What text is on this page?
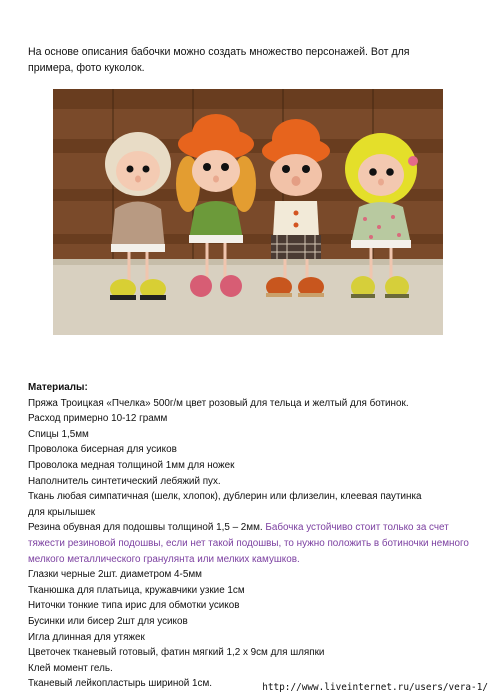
На основе описания бабочки можно создать множество персонажей. Вот для
примера, фото куколок.
Материалы:
Пряжа Троицкая «Пчелка» 500г/м цвет розовый для тельца и желтый для ботинок.
Расход примерно 10-12 грамм
Спицы 1,5мм
Проволока бисерная для усиков
Проволока медная толщиной 1мм для ножек
Наполнитель синтетический лебяжий пух.
Ткань любая симпатичная (шелк, хлопок), дублерин или флизелин, клеевая паутинка
для крылышек
Резина обувная для подошвы толщиной 1,5 – 2мм. Бабочка устойчиво стоит только за счет тяжести резиновой подошвы, если нет такой подошвы, то нужно положить в ботиночки немного мелкого металлического гранулянта или мелких камушков.
Глазки черные 2шт. диаметром 4-5мм
Тканюшка для платьица, кружавчики узкие 1см
Ниточки тонкие типа ирис для обмотки усиков
Бусинки или бисер 2шт для усиков
Игла длинная для утяжек
Цветочек тканевый готовый, фатин мягкий 1,2 х 9см для шляпки
Клей момент гель.
Тканевый лейкопластырь шириной 1см.	http://www.liveinternet.ru/users/vera-1/
